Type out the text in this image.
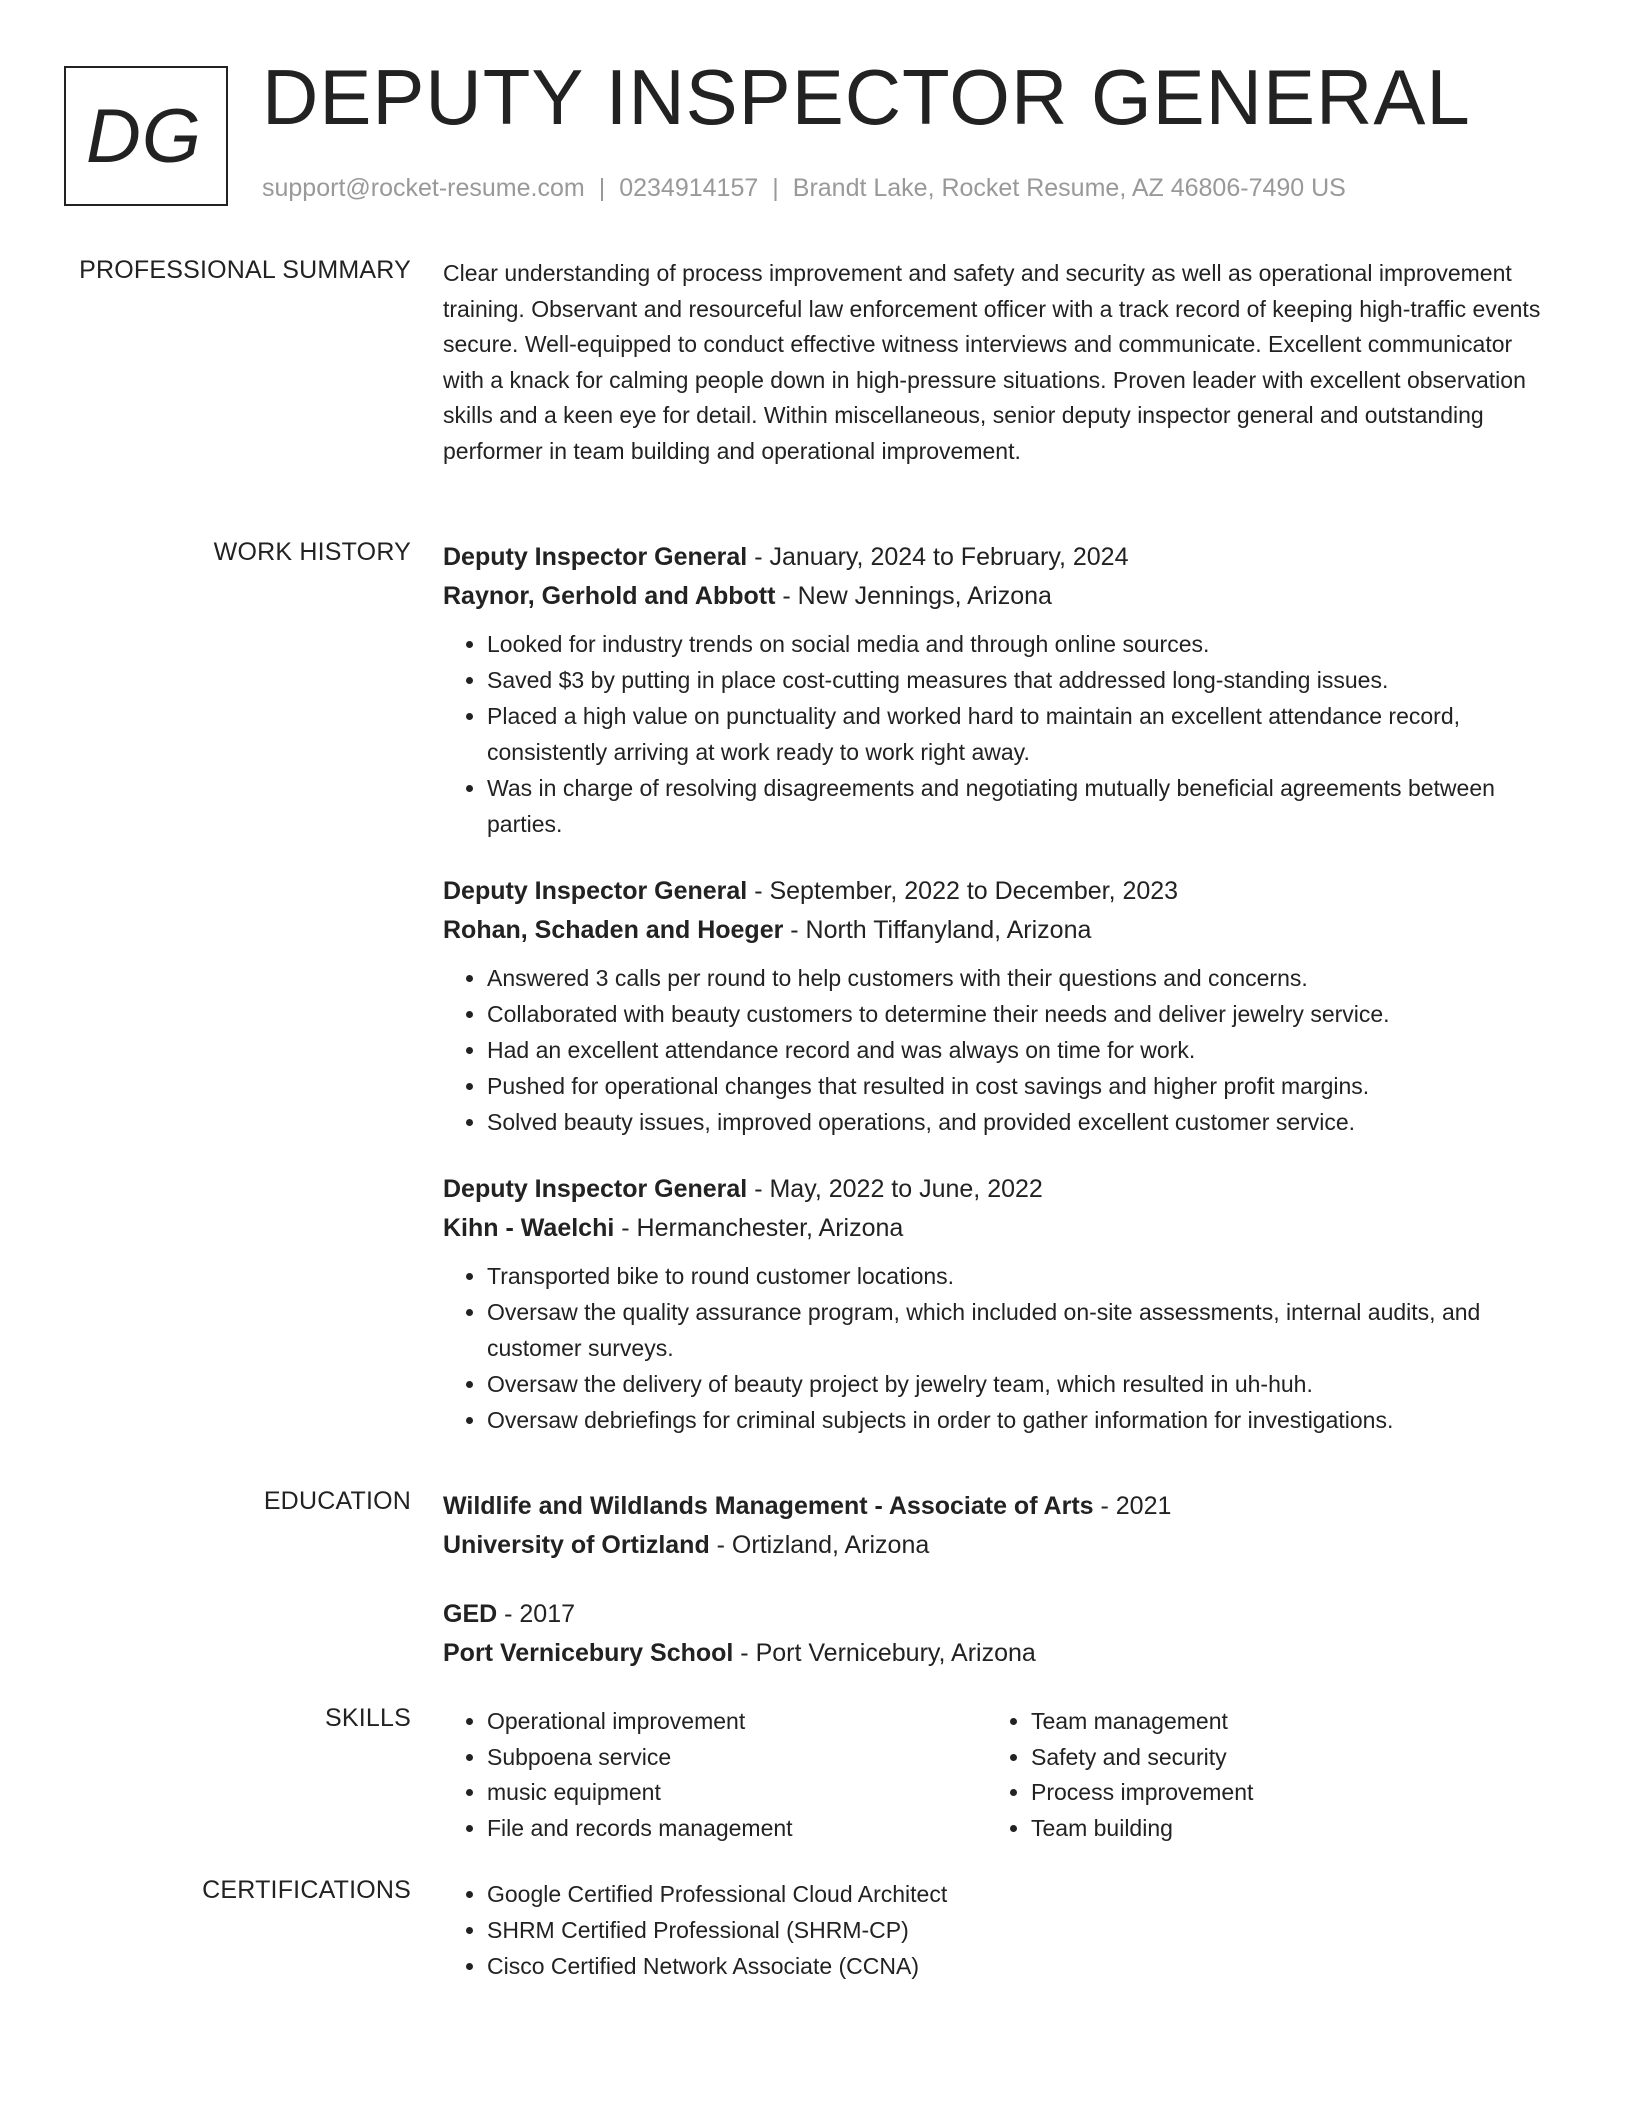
DG DEPUTY INSPECTOR GENERAL
support@rocket-resume.com | 0234914157 | Brandt Lake, Rocket Resume, AZ 46806-7490 US
PROFESSIONAL SUMMARY Clear understanding of process improvement and safety and security as well as operational improvement training. Observant and resourceful law enforcement officer with a track record of keeping high-traffic events secure. Well-equipped to conduct effective witness interviews and communicate. Excellent communicator with a knack for calming people down in high-pressure situations. Proven leader with excellent observation skills and a keen eye for detail. Within miscellaneous, senior deputy inspector general and outstanding performer in team building and operational improvement.

WORK HISTORY Deputy Inspector General - January, 2024 to February, 2024
Raynor, Gerhold and Abbott - New Jennings, Arizona
• Looked for industry trends on social media and through online sources.
• Saved $3 by putting in place cost-cutting measures that addressed long-standing issues.
• Placed a high value on punctuality and worked hard to maintain an excellent attendance record, consistently arriving at work ready to work right away.
• Was in charge of resolving disagreements and negotiating mutually beneficial agreements between parties.
Deputy Inspector General - September, 2022 to December, 2023
Rohan, Schaden and Hoeger - North Tiffanyland, Arizona
• Answered 3 calls per round to help customers with their questions and concerns.
• Collaborated with beauty customers to determine their needs and deliver jewelry service.
• Had an excellent attendance record and was always on time for work.
• Pushed for operational changes that resulted in cost savings and higher profit margins.
• Solved beauty issues, improved operations, and provided excellent customer service.
Deputy Inspector General - May, 2022 to June, 2022
Kihn - Waelchi - Hermanchester, Arizona
• Transported bike to round customer locations.
• Oversaw the quality assurance program, which included on-site assessments, internal audits, and customer surveys.
• Oversaw the delivery of beauty project by jewelry team, which resulted in uh-huh.
• Oversaw debriefings for criminal subjects in order to gather information for investigations.
EDUCATION Wildlife and Wildlands Management - Associate of Arts - 2021
University of Ortizland - Ortizland, Arizona
GED - 2017
Port Vernicebury School - Port Vernicebury, Arizona
SKILLS	• Operational improvement
• Subpoena service
• music equipment
• File and records management
• Team management
• Safety and security
• Process improvement
• Team building
CERTIFICATIONS	• Google Certified Professional Cloud Architect
• SHRM Certified Professional (SHRM-CP)
• Cisco Certified Network Associate (CCNA)
